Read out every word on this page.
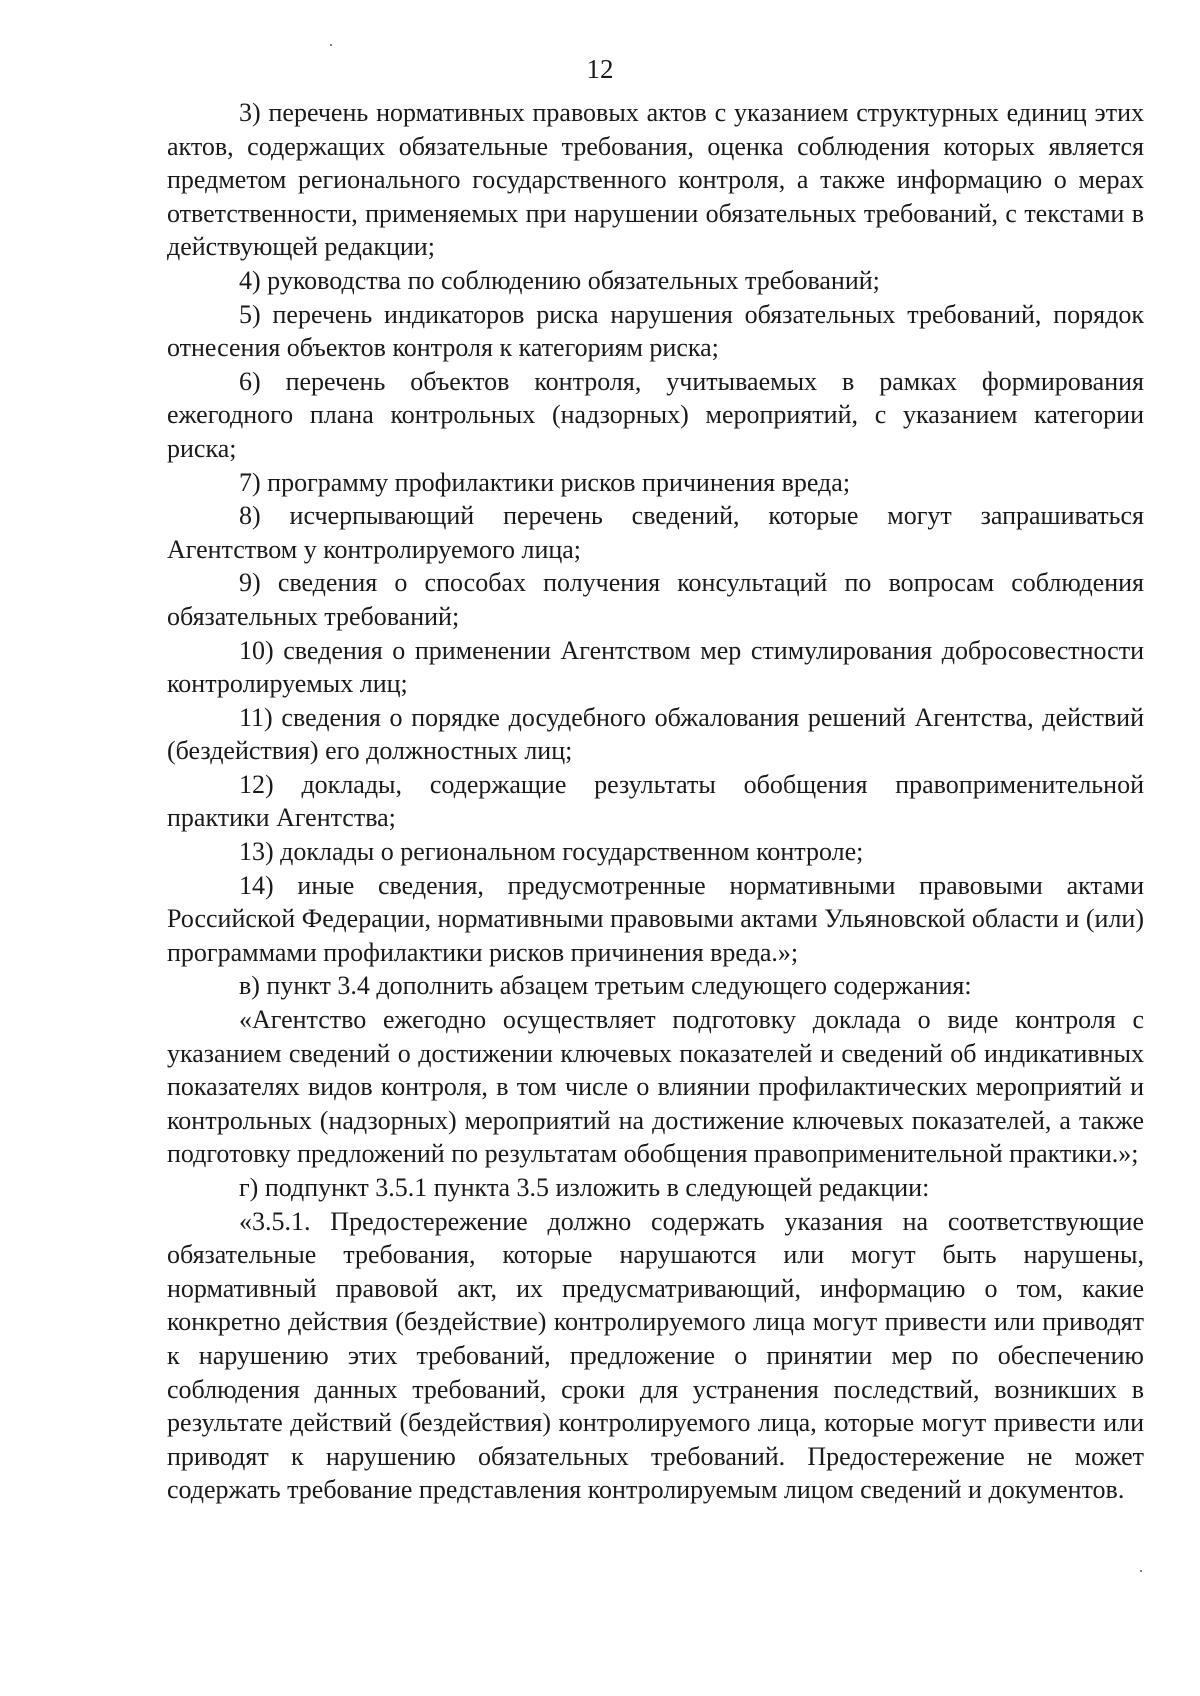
12

3) перечень нормативных правовых актов с указанием структурных единиц этих актов, содержащих обязательные требования, оценка соблюдения которых является предметом регионального государственного контроля, а также информацию о мерах ответственности, применяемых при нарушении обязательных требований, с текстами в действующей редакции;

4) руководства по соблюдению обязательных требований;

5) перечень индикаторов риска нарушения обязательных требований, порядок отнесения объектов контроля к категориям риска;

6) перечень объектов контроля, учитываемых в рамках формирования ежегодного плана контрольных (надзорных) мероприятий, с указанием категории риска;

7) программу профилактики рисков причинения вреда;

8) исчерпывающий перечень сведений, которые могут запрашиваться Агентством у контролируемого лица;

9) сведения о способах получения консультаций по вопросам соблюдения обязательных требований;

10) сведения о применении Агентством мер стимулирования добросовестности контролируемых лиц;

11) сведения о порядке досудебного обжалования решений Агентства, действий (бездействия) его должностных лиц;

12) доклады, содержащие результаты обобщения правоприменительной практики Агентства;

13) доклады о региональном государственном контроле;

14) иные сведения, предусмотренные нормативными правовыми актами Российской Федерации, нормативными правовыми актами Ульяновской области и (или) программами профилактики рисков причинения вреда.»;

в) пункт 3.4 дополнить абзацем третьим следующего содержания:

«Агентство ежегодно осуществляет подготовку доклада о виде контроля с указанием сведений о достижении ключевых показателей и сведений об индикативных показателях видов контроля, в том числе о влиянии профилактических мероприятий и контрольных (надзорных) мероприятий на достижение ключевых показателей, а также подготовку предложений по результатам обобщения правоприменительной практики.»;

г) подпункт 3.5.1 пункта 3.5 изложить в следующей редакции:

«3.5.1. Предостережение должно содержать указания на соответствующие обязательные требования, которые нарушаются или могут быть нарушены, нормативный правовой акт, их предусматривающий, информацию о том, какие конкретно действия (бездействие) контролируемого лица могут привести или приводят к нарушению этих требований, предложение о принятии мер по обеспечению соблюдения данных требований, сроки для устранения последствий, возникших в результате действий (бездействия) контролируемого лица, которые могут привести или приводят к нарушению обязательных требований. Предостережение не может содержать требование представления контролируемым лицом сведений и документов.
